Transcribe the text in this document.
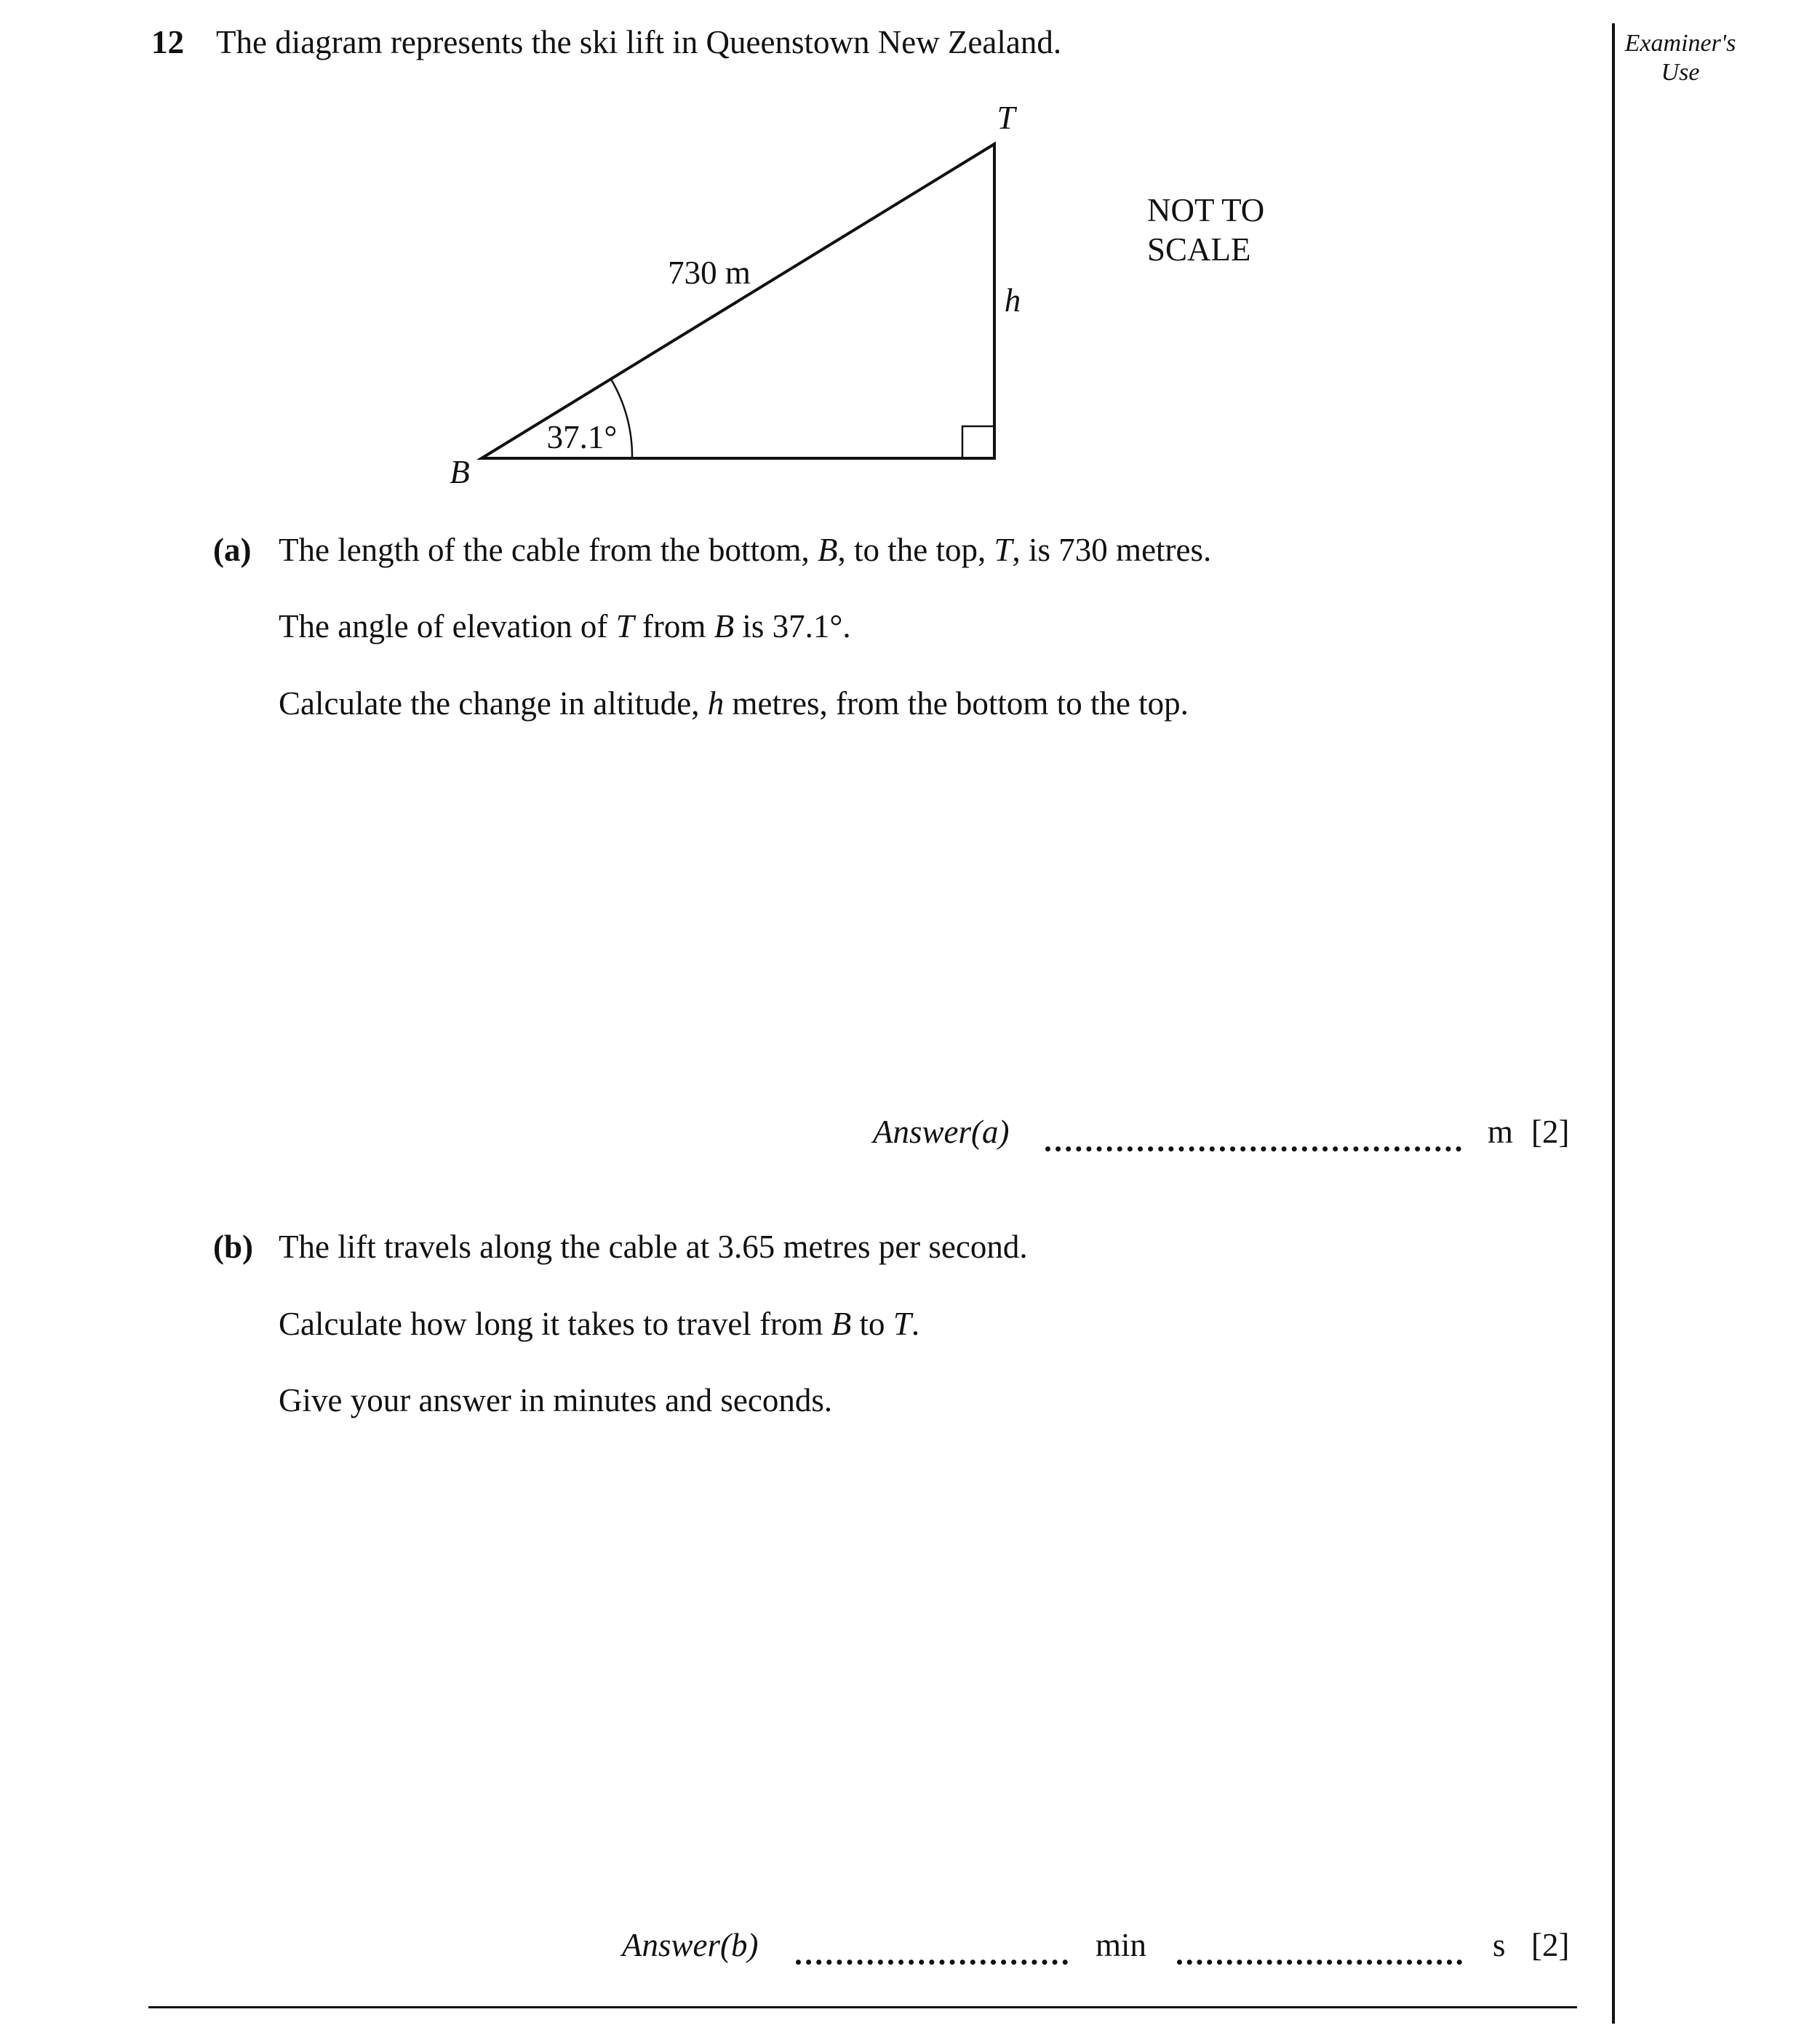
12 The diagram represents the ski lift in Queenstown New Zealand.	Examiner's
Use
T
B
730 m
h
37.1°
NOT TO
SCALE
(a) The length of the cable from the bottom, B, to the top, T, is 730 metres.
The angle of elevation of T from B is 37.1°.
Calculate the change in altitude, h metres, from the bottom to the top.
Answer(a)	m [2]
(b) The lift travels along the cable at 3.65 metres per second.
Calculate how long it takes to travel from B to T.
Give your answer in minutes and seconds.
Answer(b)	min	s [2]
